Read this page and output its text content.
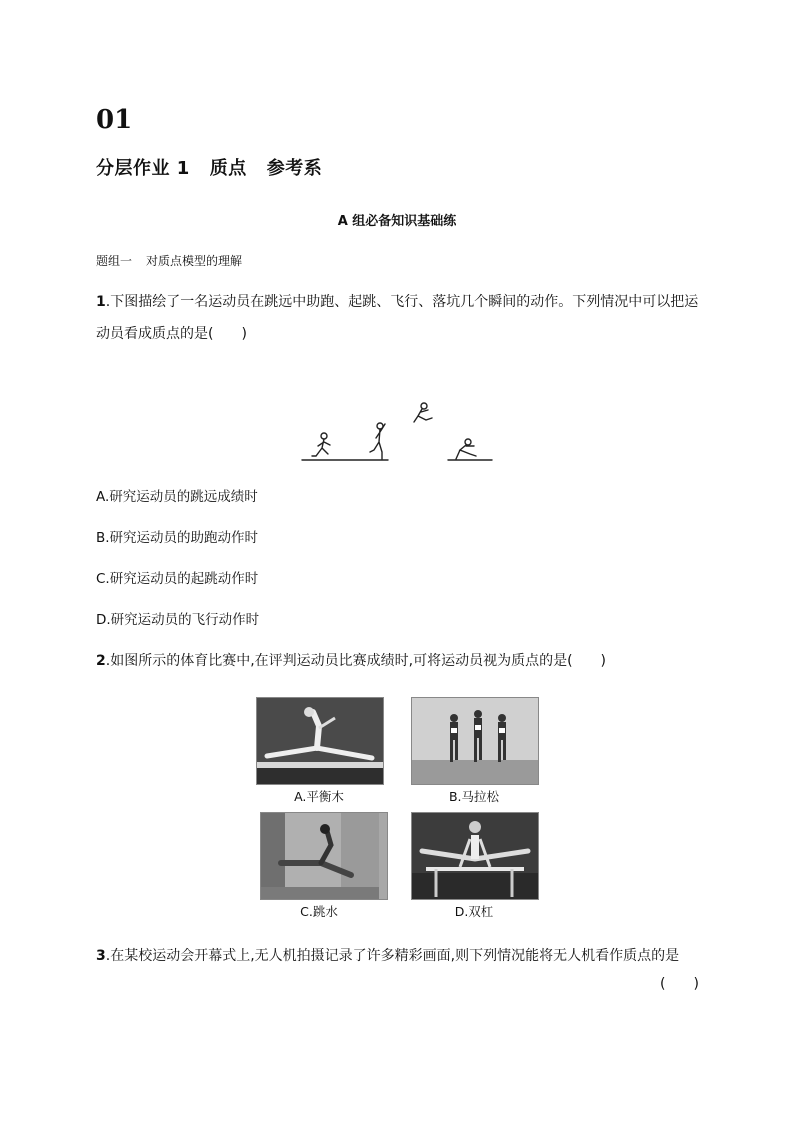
01
分层作业 1 质点 参考系
A 组必备知识基础练
题组一 对质点模型的理解
1.下图描绘了一名运动员在跳远中助跑、起跳、飞行、落坑几个瞬间的动作。下列情况中可以把运
动员看成质点的是(　　)
A.研究运动员的跳远成绩时
B.研究运动员的助跑动作时
C.研究运动员的起跳动作时
D.研究运动员的飞行动作时
2.如图所示的体育比赛中,在评判运动员比赛成绩时,可将运动员视为质点的是(　　)
A.平衡木	B.马拉松
C.跳水	D.双杠
3.在某校运动会开幕式上,无人机拍摄记录了许多精彩画面,则下列情况能将无人机看作质点的是
(　　)
